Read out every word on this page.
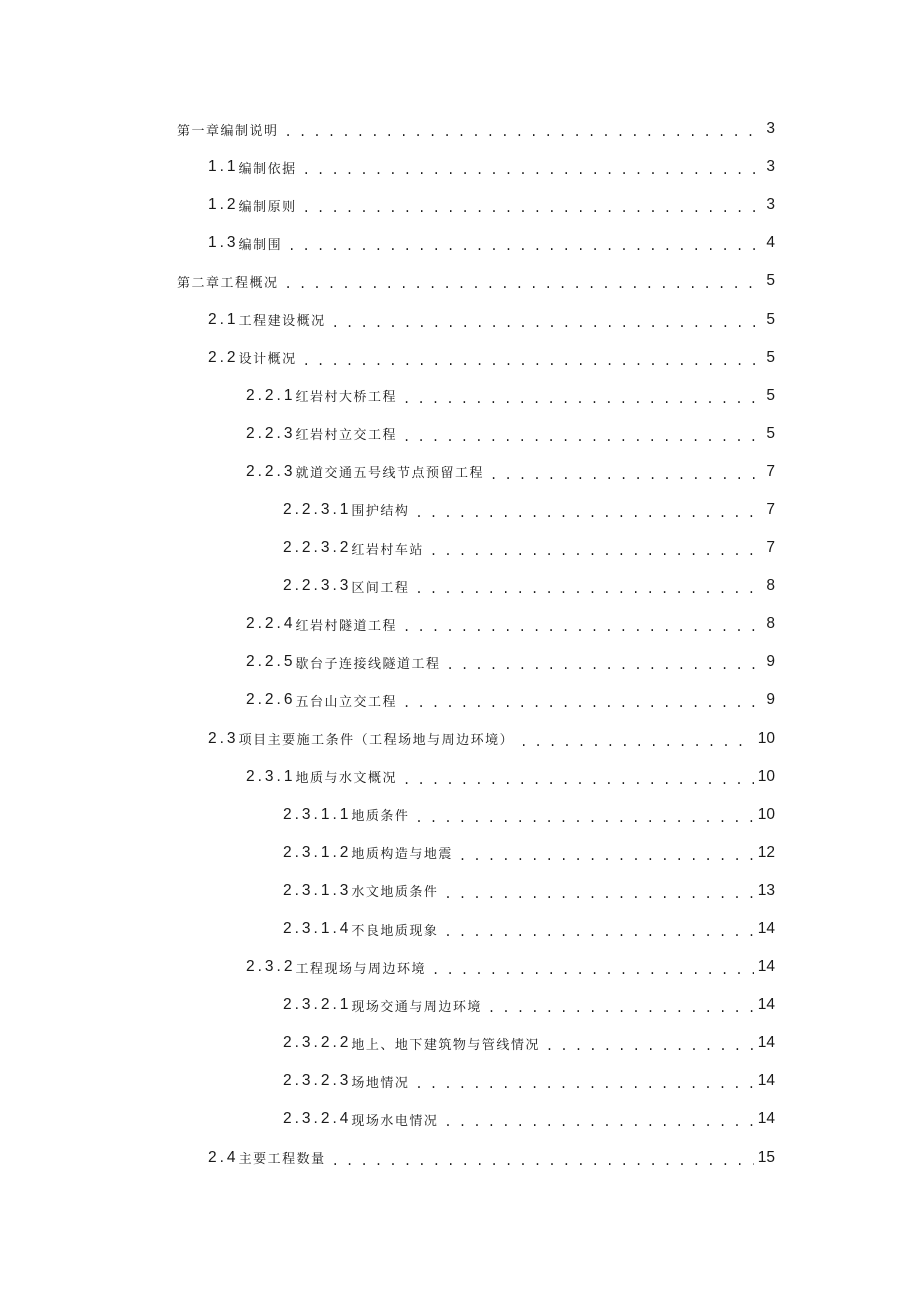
第一章编制说明 . . .	3
1.1 编制依据 . . .	3
1.2 编制原则 . . .	3
1.3 编制围 . . .	4
第二章工程概况 . . .	5
2.1 工程建设概况 . . .	5
2.2 设计概况 . . .	5
2.2.1 红岩村大桥工程 . . .	5
2.2.3 红岩村立交工程 . . .	5
2.2.3 就道交通五号线节点预留工程 . . .	7
2.2.3.1 围护结构 . . .	7
2.2.3.2 红岩村车站 . . .	7
2.2.3.3 区间工程 . . .	8
2.2.4 红岩村隧道工程 . . .	8
2.2.5 歇台子连接线隧道工程 . . .	9
2.2.6 五台山立交工程 . . .	9
2.3 项目主要施工条件（工程场地与周边环境） . . .	10
2.3.1 地质与水文概况 . . .	10
2.3.1.1 地质条件 . . .	10
2.3.1.2 地质构造与地震 . . .	12
2.3.1.3 水文地质条件 . . .	13
2.3.1.4 不良地质现象 . . .	14
2.3.2 工程现场与周边环境 . . .	14
2.3.2.1 现场交通与周边环境 . . .	14
2.3.2.2 地上、地下建筑物与管线情况 . . .	14
2.3.2.3 场地情况 . . .	14
2.3.2.4 现场水电情况 . . .	14
2.4 主要工程数量 . . .	15
